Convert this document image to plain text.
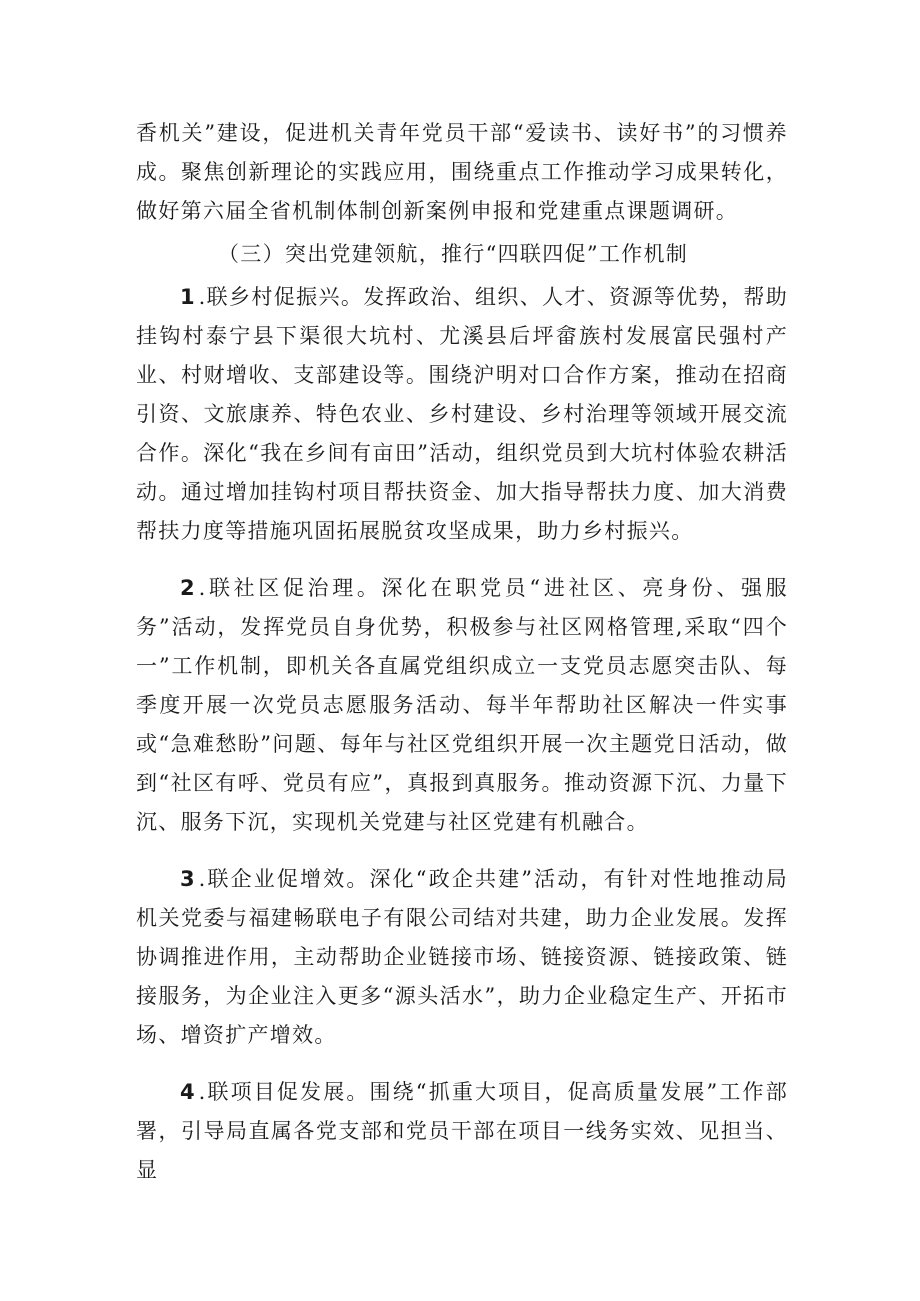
香机关”建设，促进机关青年党员干部“爱读书、读好书”的习惯养成。聚焦创新理论的实践应用，围绕重点工作推动学习成果转化，做好第六届全省机制体制创新案例申报和党建重点课题调研。

（三）突出党建领航，推行“四联四促”工作机制

1 .联乡村促振兴。发挥政治、组织、人才、资源等优势，帮助挂钩村泰宁县下渠很大坑村、尤溪县后坪畲族村发展富民强村产业、村财增收、支部建设等。围绕沪明对口合作方案，推动在招商引资、文旅康养、特色农业、乡村建设、乡村治理等领域开展交流合作。深化“我在乡间有亩田”活动，组织党员到大坑村体验农耕活动。通过增加挂钩村项目帮扶资金、加大指导帮扶力度、加大消费帮扶力度等措施巩固拓展脱贫攻坚成果，助力乡村振兴。

2 .联社区促治理。深化在职党员“进社区、亮身份、强服务”活动，发挥党员自身优势，积极参与社区网格管理,采取“四个一”工作机制，即机关各直属党组织成立一支党员志愿突击队、每季度开展一次党员志愿服务活动、每半年帮助社区解决一件实事或“急难愁盼”问题、每年与社区党组织开展一次主题党日活动，做到“社区有呼、党员有应”，真报到真服务。推动资源下沉、力量下沉、服务下沉，实现机关党建与社区党建有机融合。

3 .联企业促增效。深化“政企共建”活动，有针对性地推动局机关党委与福建畅联电子有限公司结对共建，助力企业发展。发挥协调推进作用，主动帮助企业链接市场、链接资源、链接政策、链接服务，为企业注入更多“源头活水”，助力企业稳定生产、开拓市场、增资扩产增效。

4 .联项目促发展。围绕“抓重大项目，促高质量发展”工作部署，引导局直属各党支部和党员干部在项目一线务实效、见担当、显
